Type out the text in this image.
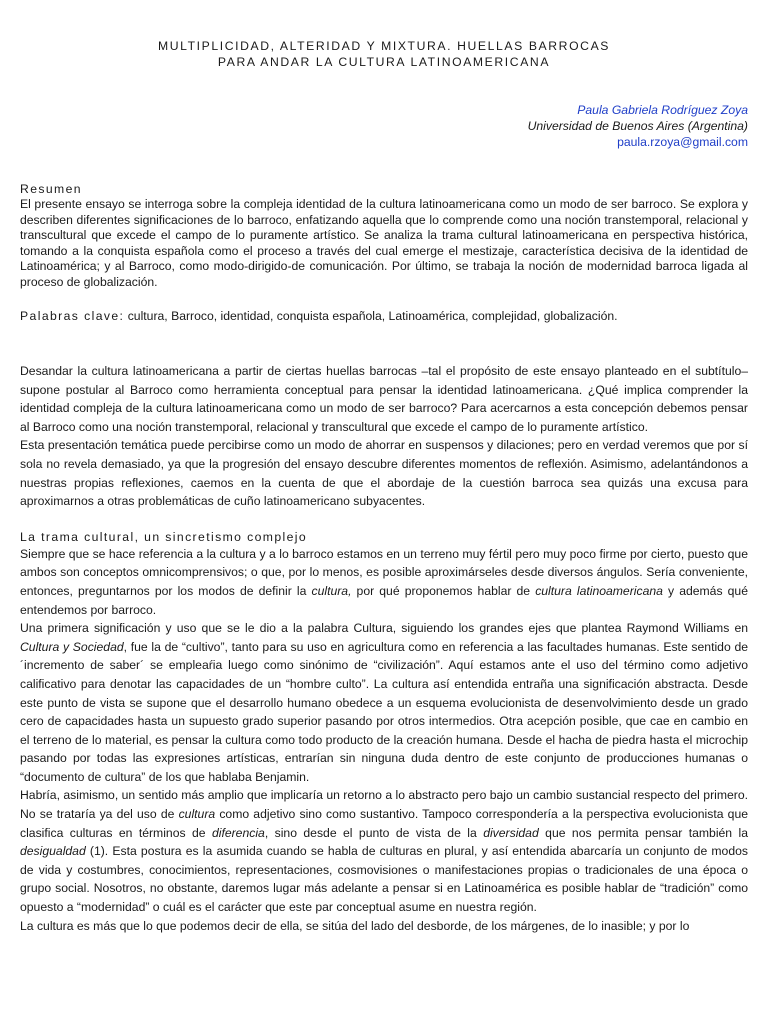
MULTIPLICIDAD, ALTERIDAD Y MIXTURA. HUELLAS BARROCAS
PARA ANDAR LA CULTURA LATINOAMERICANA
Paula Gabriela Rodríguez Zoya
Universidad de Buenos Aires (Argentina)
paula.rzoya@gmail.com
Resumen

El presente ensayo se interroga sobre la compleja identidad de la cultura latinoamericana como un modo de ser barroco. Se explora y describen diferentes significaciones de lo barroco, enfatizando aquella que lo comprende como una noción transtemporal, relacional y transcultural que excede el campo de lo puramente artístico. Se analiza la trama cultural latinoamericana en perspectiva histórica, tomando a la conquista española como el proceso a través del cual emerge el mestizaje, característica decisiva de la identidad de Latinoamérica; y al Barroco, como modo-dirigido-de comunicación. Por último, se trabaja la noción de modernidad barroca ligada al proceso de globalización.

Palabras clave: cultura, Barroco, identidad, conquista española, Latinoamérica, complejidad, globalización.

Desandar la cultura latinoamericana a partir de ciertas huellas barrocas –tal el propósito de este ensayo planteado en el subtítulo– supone postular al Barroco como herramienta conceptual para pensar la identidad latinoamericana. ¿Qué implica comprender la identidad compleja de la cultura latinoamericana como un modo de ser barroco? Para acercarnos a esta concepción debemos pensar al Barroco como una noción transtemporal, relacional y transcultural que excede el campo de lo puramente artístico.

Esta presentación temática puede percibirse como un modo de ahorrar en suspensos y dilaciones; pero en verdad veremos que por sí sola no revela demasiado, ya que la progresión del ensayo descubre diferentes momentos de reflexión. Asimismo, adelantándonos a nuestras propias reflexiones, caemos en la cuenta de que el abordaje de la cuestión barroca sea quizás una excusa para aproximarnos a otras problemáticas de cuño latinoamericano subyacentes.

La trama cultural, un sincretismo complejo

Siempre que se hace referencia a la cultura y a lo barroco estamos en un terreno muy fértil pero muy poco firme por cierto, puesto que ambos son conceptos omnicomprensivos; o que, por lo menos, es posible aproximárseles desde diversos ángulos. Sería conveniente, entonces, preguntarnos por los modos de definir la cultura, por qué proponemos hablar de cultura latinoamericana y además qué entendemos por barroco.

Una primera significación y uso que se le dio a la palabra Cultura, siguiendo los grandes ejes que plantea Raymond Williams en Cultura y Sociedad, fue la de “cultivo”, tanto para su uso en agricultura como en referencia a las facultades humanas. Este sentido de ´incremento de saber´ se empleaŕia luego como sinónimo de “civilización”. Aquí estamos ante el uso del término como adjetivo calificativo para denotar las capacidades de un “hombre culto”. La cultura así entendida entraña una significación abstracta. Desde este punto de vista se supone que el desarrollo humano obedece a un esquema evolucionista de desenvolvimiento desde un grado cero de capacidades hasta un supuesto grado superior pasando por otros intermedios. Otra acepción posible, que cae en cambio en el terreno de lo material, es pensar la cultura como todo producto de la creación humana. Desde el hacha de piedra hasta el microchip pasando por todas las expresiones artísticas, entrarían sin ninguna duda dentro de este conjunto de producciones humanas o “documento de cultura” de los que hablaba Benjamin.

Habría, asimismo, un sentido más amplio que implicaría un retorno a lo abstracto pero bajo un cambio sustancial respecto del primero. No se trataría ya del uso de cultura como adjetivo sino como sustantivo. Tampoco correspondería a la perspectiva evolucionista que clasifica culturas en términos de diferencia, sino desde el punto de vista de la diversidad que nos permita pensar también la desigualdad (1). Esta postura es la asumida cuando se habla de culturas en plural, y así entendida abarcaría un conjunto de modos de vida y costumbres, conocimientos, representaciones, cosmovisiones o manifestaciones propias o tradicionales de una época o grupo social. Nosotros, no obstante, daremos lugar más adelante a pensar si en Latinoamérica es posible hablar de “tradición” como opuesto a “modernidad” o cuál es el carácter que este par conceptual asume en nuestra región.

La cultura es más que lo que podemos decir de ella, se sitúa del lado del desborde, de los márgenes, de lo inasible; y por lo
